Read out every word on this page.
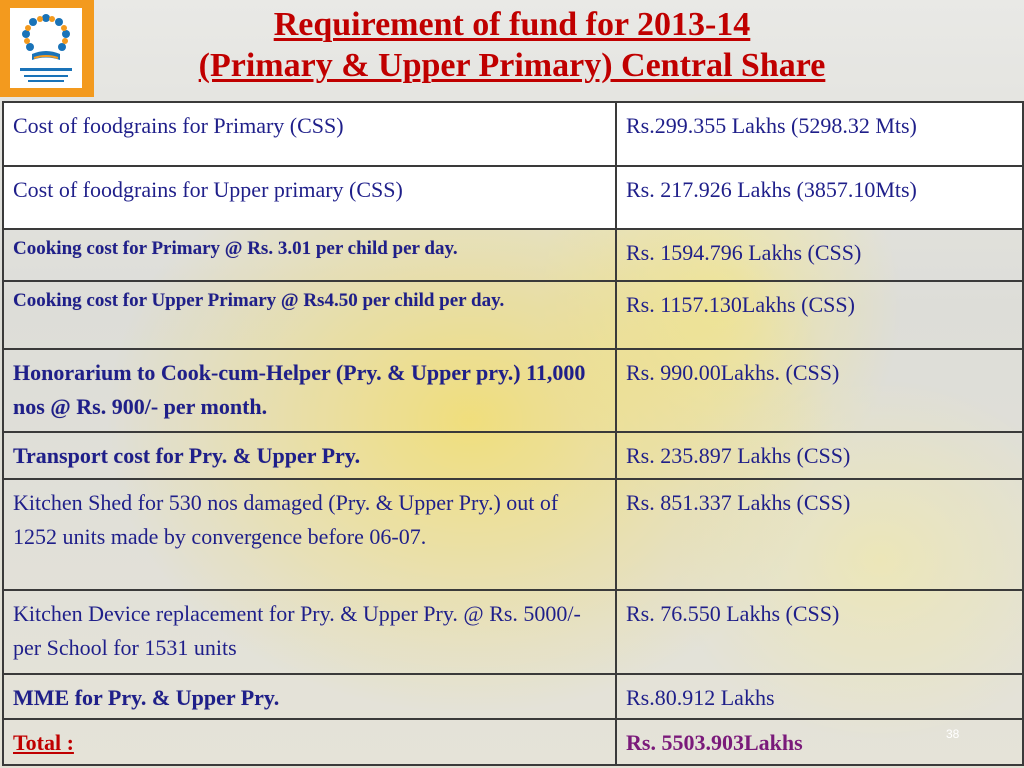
Requirement of fund for 2013-14
(Primary & Upper Primary) Central Share
Cost of foodgrains for Primary (CSS)	Rs.299.355 Lakhs (5298.32 Mts)
Cost of foodgrains for Upper primary (CSS)	Rs. 217.926 Lakhs (3857.10Mts)
Cooking cost for Primary @ Rs. 3.01 per child per day.	Rs. 1594.796 Lakhs (CSS)
Cooking cost for Upper Primary @ Rs4.50 per child per day.	Rs. 1157.130Lakhs (CSS)
Honorarium to Cook-cum-Helper (Pry. & Upper pry.) 11,000 nos @ Rs. 900/- per month.	Rs. 990.00Lakhs. (CSS)
Transport cost for Pry. & Upper Pry.	Rs. 235.897 Lakhs (CSS)
Kitchen Shed for 530 nos damaged (Pry. & Upper Pry.) out of 1252 units made by convergence before 06-07.	Rs. 851.337 Lakhs (CSS)
Kitchen Device replacement for Pry. & Upper Pry. @ Rs. 5000/- per School for 1531 units	Rs. 76.550 Lakhs (CSS)
MME for Pry. & Upper Pry.	Rs.80.912 Lakhs
Total :	Rs. 5503.903Lakhs	38
